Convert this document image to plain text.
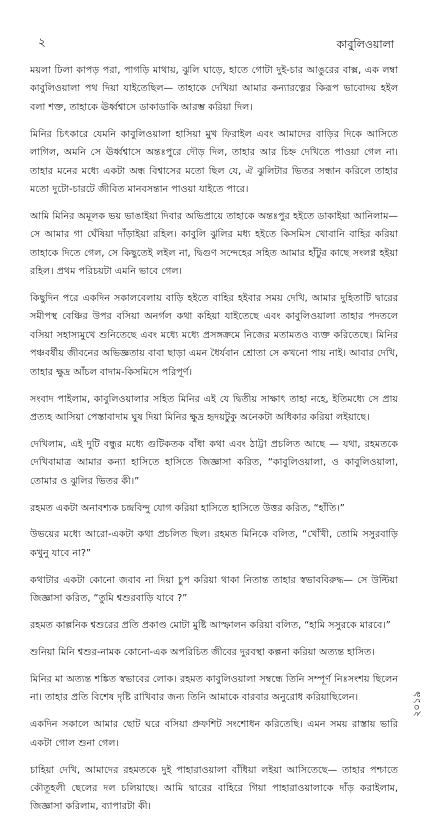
২	কাবুলিওয়ালা

ময়লা ঢিলা কাপড় পরা, পাগড়ি মাথায়, ঝুলি ঘাড়ে, হাতে গোটা দুই-চার আঙুরের বাক্স, এক লম্বা কাবুলিওয়ালা পথ দিয়া যাইতেছিল— তাহাকে দেখিয়া আমার কন্যারত্নের কিরূপ ভাবোদয় হইল বলা শক্ত, তাহাকে ঊর্ধ্বশ্বাসে ডাকাডাকি আরম্ভ করিয়া দিল।

মিনির চিৎকারে যেমনি কাবুলিওয়ালা হাসিয়া মুখ ফিরাইল এবং আমাদের বাড়ির দিকে আসিতে লাগিল, অমনি সে ঊর্ধ্বশ্বাসে অন্তঃপুরে দৌড় দিল, তাহার আর চিহ্ন দেখিতে পাওয়া গেল না। তাহার মনের মধ্যে একটা অন্ধ বিশ্বাসের মতো ছিল যে, ঐ ঝুলিটার ভিতর সন্ধান করিলে তাহার মতো দুটো-চারটে জীবিত মানবসন্তান পাওয়া যাইতে পারে।

আমি মিনির অমূলক ভয় ভাঙাইয়া দিবার অভিপ্রায়ে তাহাকে অন্তঃপুর হইতে ডাকাইয়া আনিলাম— সে আমার গা ঘেঁষিয়া দাঁড়াইয়া রহিল। কাবুলি ঝুলির মধ্য হইতে কিসমিস খোবানি বাহির করিয়া তাহাকে দিতে গেল, সে কিছুতেই লইল না, দ্বিগুণ সন্দেহের সহিত আমার হাঁটুর কাছে সংলগ্ন হইয়া রহিল। প্রথম পরিচয়টা এমনি ভাবে গেল।

কিছুদিন পরে একদিন সকালবেলায় বাড়ি হইতে বাহির হইবার সময় দেখি, আমার দুহিতাটি দ্বারের সমীপস্থ বেঞ্চির উপর বসিয়া অনর্গল কথা কহিয়া যাইতেছে এবং কাবুলিওয়ালা তাহার পদতলে বসিয়া সহাস্যমুখে শুনিতেছে এবং মধ্যে মধ্যে প্রসঙ্গক্রমে নিজের মতামতও ব্যক্ত করিতেছে। মিনির পঞ্চবর্ষীয় জীবনের অভিজ্ঞতায় বাবা ছাড়া এমন ধৈর্যবান শ্রোতা সে কখনো পায় নাই। আবার দেখি, তাহার ক্ষুদ্র আঁচল বাদাম-কিসমিসে পরিপূর্ণ।

সংবাদ পাইলাম, কাবুলিওয়ালার সহিত মিনির এই যে দ্বিতীয় সাক্ষাৎ তাহা নহে, ইতিমধ্যে সে প্রায় প্রত্যহ আসিয়া পেস্তাবাদাম ঘুষ দিয়া মিনির ক্ষুদ্র হৃদয়টুকু অনেকটা অধিকার করিয়া লইয়াছে।

দেখিলাম, এই দুটি বন্ধুর মধ্যে গুটিকতক বাঁধা কথা এবং ঠাট্টা প্রচলিত আছে — যথা, রহমতকে দেখিবামাত্র আমার কন্যা হাসিতে হাসিতে জিজ্ঞাসা করিত, “কাবুলিওয়ালা, ও কাবুলিওয়ালা, তোমার ও ঝুলির ভিতর কী।”

রহমত একটা অনাবশ্যক চন্দ্রবিন্দু যোগ করিয়া হাসিতে হাসিতে উত্তর করিত, “হাঁতি।”

উভয়ের মধ্যে আরো-একটা কথা প্রচলিত ছিল। রহমত মিনিকে বলিত, “খোঁখী, তোমি সসুরবাড়ি কখুনু যাবে না?”

কথাটার একটা কোনো জবাব না দিয়া চুপ করিয়া থাকা নিতান্ত তাহার স্বভাববিরুদ্ধ— সে উল্টিয়া জিজ্ঞাসা করিত, “তুমি শ্বশুরবাড়ি যাবে ?”

রহমত কাল্পনিক শ্বশুরের প্রতি প্রকাণ্ড মোটা মুষ্টি আস্ফালন করিয়া বলিত, “হামি সসুরকে মারবে।”

শুনিয়া মিনি শ্বশুর-নামক কোনো-এক অপরিচিত জীবের দুরবস্থা কল্পনা করিয়া অত্যন্ত হাসিত।

মিনির মা অত্যন্ত শঙ্কিত স্বভাবের লোক। রহমত কাবুলিওয়ালা সম্বন্ধে তিনি সম্পূর্ণ নিঃসংশয় ছিলেন না। তাহার প্রতি বিশেষ দৃষ্টি রাখিবার জন্য তিনি আমাকে বারবার অনুরোধ করিয়াছিলেন।

একদিন সকালে আমার ছোট ঘরে বসিয়া প্রুফশিট সংশোধন করিতেছি। এমন সময় রাস্তায় ভারি একটা গোল শুনা গেল।

চাহিয়া দেখি, আমাদের রহমতকে দুই পাহারাওয়ালা বাঁধিয়া লইয়া আসিতেছে— তাহার পশ্চাতে কৌতূহলী ছেলের দল চলিয়াছে। আমি দ্বারের বাহিরে গিয়া পাহারাওয়ালাকে দাঁড় করাইলাম, জিজ্ঞাসা করিলাম, ব্যাপারটা কী।

২০১৯
